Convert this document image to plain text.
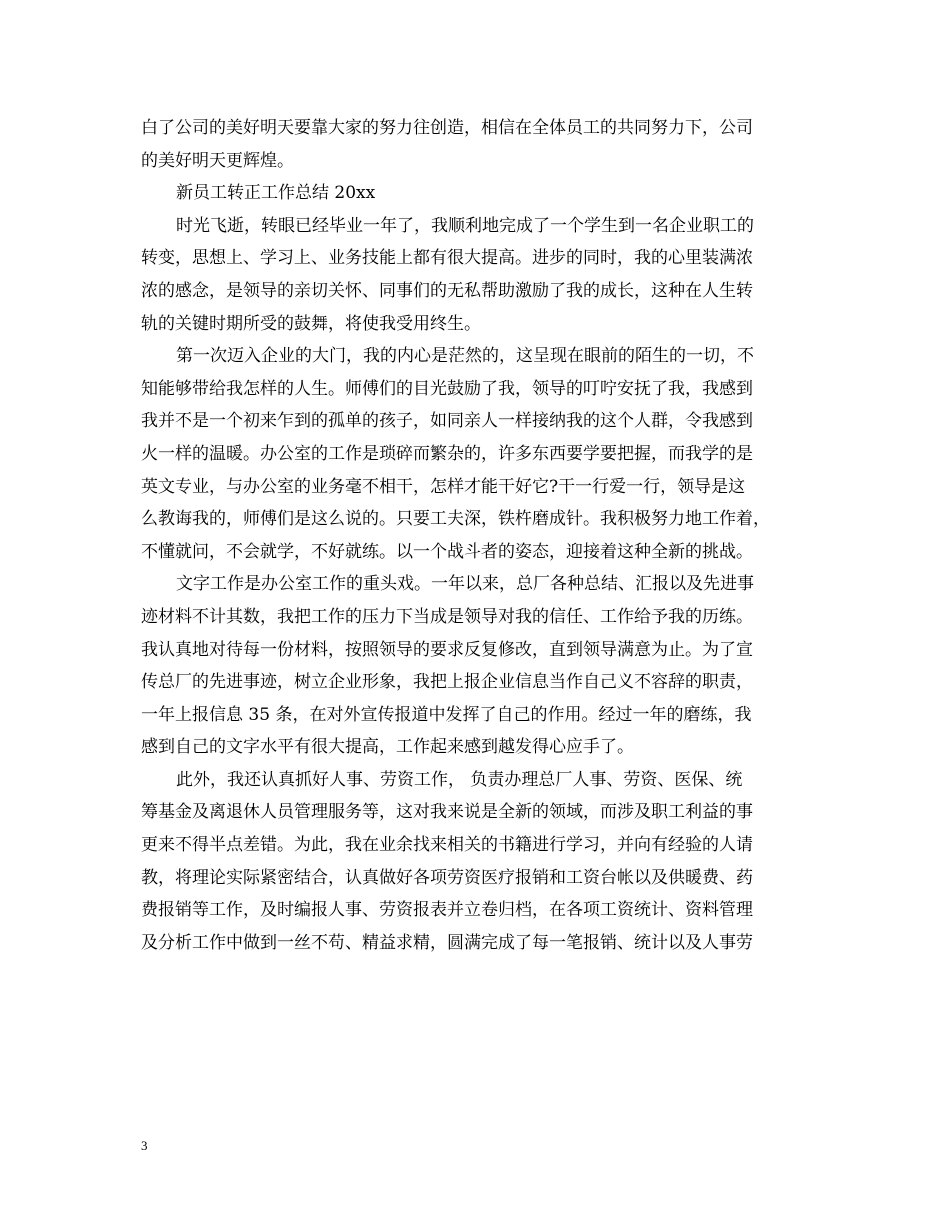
白了公司的美好明天要靠大家的努力往创造，相信在全体员工的共同努力下，公司
的美好明天更辉煌。
新员工转正工作总结 20xx
时光飞逝，转眼已经毕业一年了，我顺利地完成了一个学生到一名企业职工的
转变，思想上、学习上、业务技能上都有很大提高。进步的同时，我的心里装满浓
浓的感念，是领导的亲切关怀、同事们的无私帮助激励了我的成长，这种在人生转
轨的关键时期所受的鼓舞，将使我受用终生。
第一次迈入企业的大门，我的内心是茫然的，这呈现在眼前的陌生的一切，不
知能够带给我怎样的人生。师傅们的目光鼓励了我，领导的叮咛安抚了我，我感到
我并不是一个初来乍到的孤单的孩子，如同亲人一样接纳我的这个人群，令我感到
火一样的温暖。办公室的工作是琐碎而繁杂的，许多东西要学要把握，而我学的是
英文专业，与办公室的业务毫不相干，怎样才能干好它?干一行爱一行，领导是这
么教诲我的，师傅们是这么说的。只要工夫深，铁杵磨成针。我积极努力地工作着，
不懂就问，不会就学，不好就练。以一个战斗者的姿态，迎接着这种全新的挑战。
文字工作是办公室工作的重头戏。一年以来，总厂各种总结、汇报以及先进事
迹材料不计其数，我把工作的压力下当成是领导对我的信任、工作给予我的历练。
我认真地对待每一份材料，按照领导的要求反复修改，直到领导满意为止。为了宣
传总厂的先进事迹，树立企业形象，我把上报企业信息当作自己义不容辞的职责，
一年上报信息 35 条，在对外宣传报道中发挥了自己的作用。经过一年的磨练，我
感到自己的文字水平有很大提高，工作起来感到越发得心应手了。
此外，我还认真抓好人事、劳资工作， 负责办理总厂人事、劳资、医保、统
筹基金及离退休人员管理服务等，这对我来说是全新的领域，而涉及职工利益的事
更来不得半点差错。为此，我在业余找来相关的书籍进行学习，并向有经验的人请
教，将理论实际紧密结合，认真做好各项劳资医疗报销和工资台帐以及供暖费、药
费报销等工作，及时编报人事、劳资报表并立卷归档，在各项工资统计、资料管理
及分析工作中做到一丝不苟、精益求精，圆满完成了每一笔报销、统计以及人事劳
3
